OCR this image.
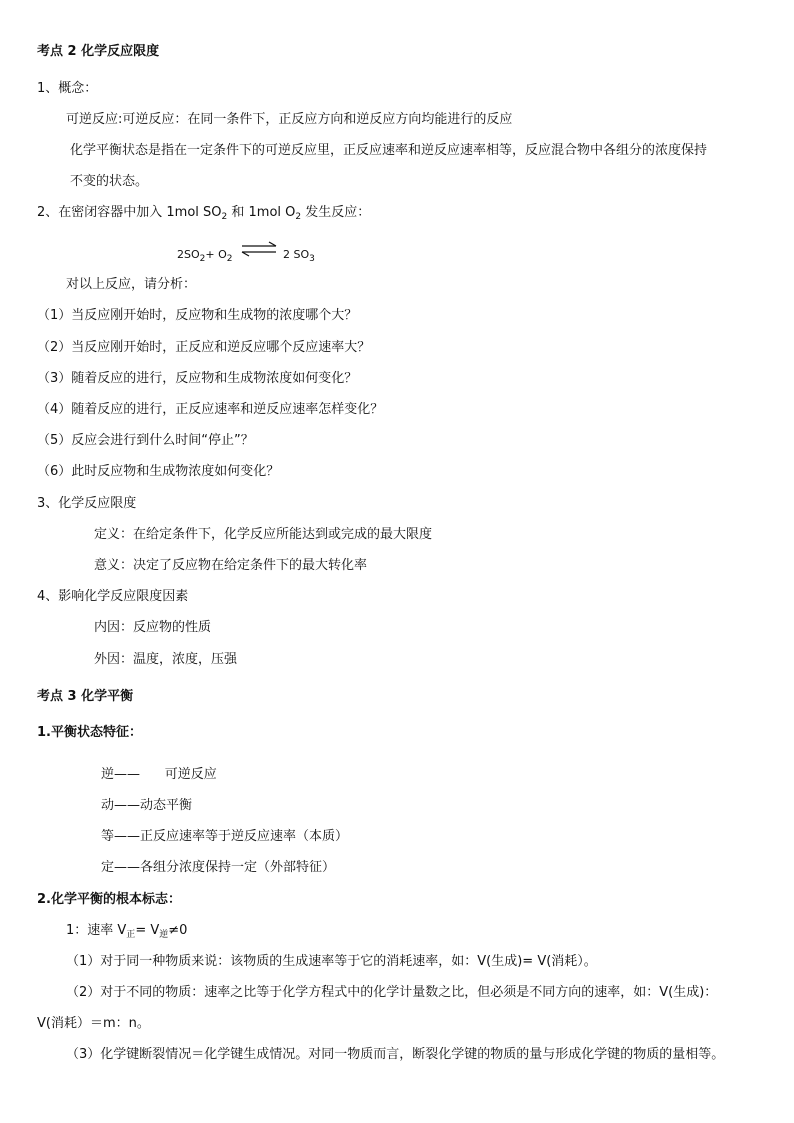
考点 2 化学反应限度
1、概念：
可逆反应:可逆反应：在同一条件下，正反应方向和逆反应方向均能进行的反应
化学平衡状态是指在一定条件下的可逆反应里，正反应速率和逆反应速率相等，反应混合物中各组分的浓度保持
不变的状态。
2、在密闭容器中加入 1mol $SO_2$ 和 1mol $O_2$ 发生反应：
$2SO_2+ O_2$ ⇌ 2 $SO_3$
对以上反应，请分析：
（1）当反应刚开始时，反应物和生成物的浓度哪个大？
（2）当反应刚开始时，正反应和逆反应哪个反应速率大？
（3）随着反应的进行，反应物和生成物浓度如何变化？
（4）随着反应的进行，正反应速率和逆反应速率怎样变化？
（5）反应会进行到什么时间“停止”？
（6）此时反应物和生成物浓度如何变化？
3、化学反应限度
定义：在给定条件下，化学反应所能达到或完成的最大限度
意义：决定了反应物在给定条件下的最大转化率
4、影响化学反应限度因素
内因：反应物的性质
外因：温度，浓度，压强
考点 3 化学平衡
1.平衡状态特征：
逆——      可逆反应
动——动态平衡
等——正反应速率等于逆反应速率（本质）
定——各组分浓度保持一定（外部特征）
2.化学平衡的根本标志：
1：速率 $V_正= V_逆\ne 0$
（1）对于同一种物质来说：该物质的生成速率等于它的消耗速率，如：V(生成)= V(消耗）。
（2）对于不同的物质：速率之比等于化学方程式中的化学计量数之比，但必须是不同方向的速率，如：V(生成)：
V(消耗）＝m：n。
（3）化学键断裂情况＝化学键生成情况。对同一物质而言，断裂化学键的物质的量与形成化学键的物质的量相等。
